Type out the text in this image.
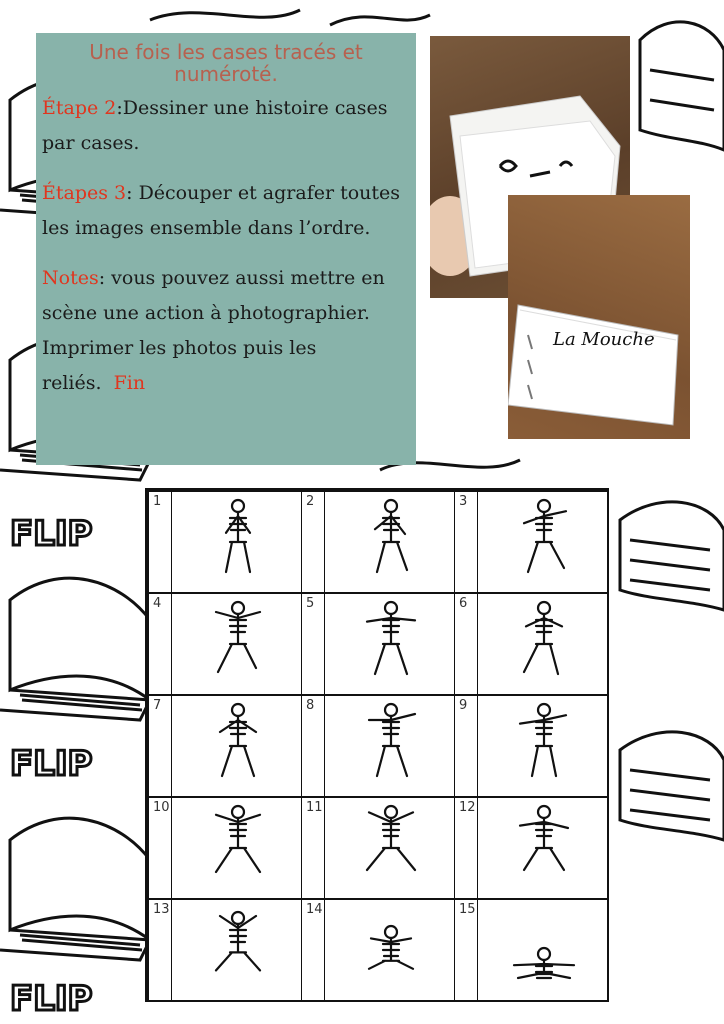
FLIP
FLIP
FLIP
Une fois les cases tracés et numéroté.

Étape 2:Dessiner une histoire cases par cases.

Étapes 3: Découper et agrafer toutes les images ensemble dans l’ordre.

Notes: vous pouvez aussi mettre en scène une action à photographier. Imprimer les photos puis les reliés. Fin

La Mouche
1	2	3
4	5	6
7	8	9
10	11	12
13	14	15
